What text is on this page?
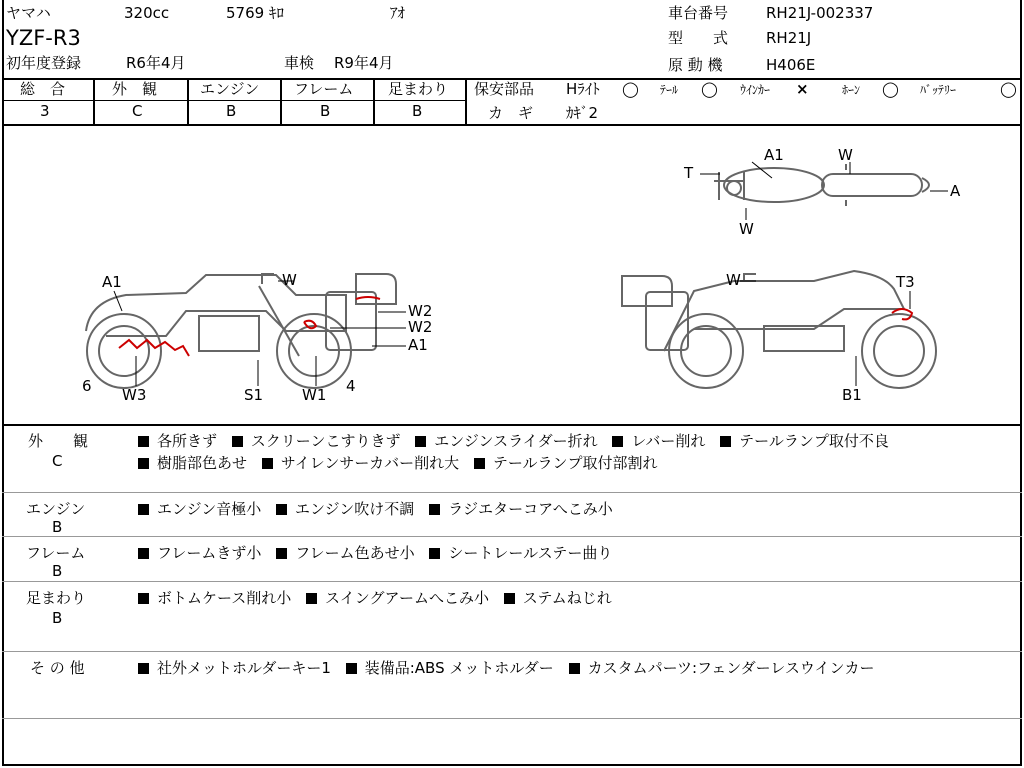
ヤマハ	320cc	5769 ｷﾛ	ｱｵ
YZF-R3
初年度登録	R6年4月	車検 R9年4月
車台番号	RH21J-002337
型　　式	RH21J
原 動 機	H406E
総　合
3
外　観
C
エンジン
B
フレーム
B
足まわり
B
保安部品 Hﾗｲﾄ ◯ ﾃｰﾙ ◯ ｳｲﾝｶｰ ×	ﾎｰﾝ ◯ ﾊﾞｯﾃﾘｰ	◯
カ　ギ ｶｷﾞ2
T
A1	W
W
A
A1	W
W2
W2
A1
6 W3	S1	W1 4
W	T3
B1
外　　観
C
各所きず スクリーンこすりきず エンジンスライダー折れ レバー削れ テールランプ取付不良
樹脂部色あせ サイレンサーカバー削れ大 テールランプ取付部割れ
エンジン
B
エンジン音極小 エンジン吹け不調 ラジエターコアへこみ小
フレーム
B
フレームきず小 フレーム色あせ小 シートレールステー曲り
足まわり
B
ボトムケース削れ小 スイングアームへこみ小 ステムねじれ
そ の 他	社外メットホルダーキー1 装備品:ABS メットホルダー カスタムパーツ:フェンダーレスウインカー
